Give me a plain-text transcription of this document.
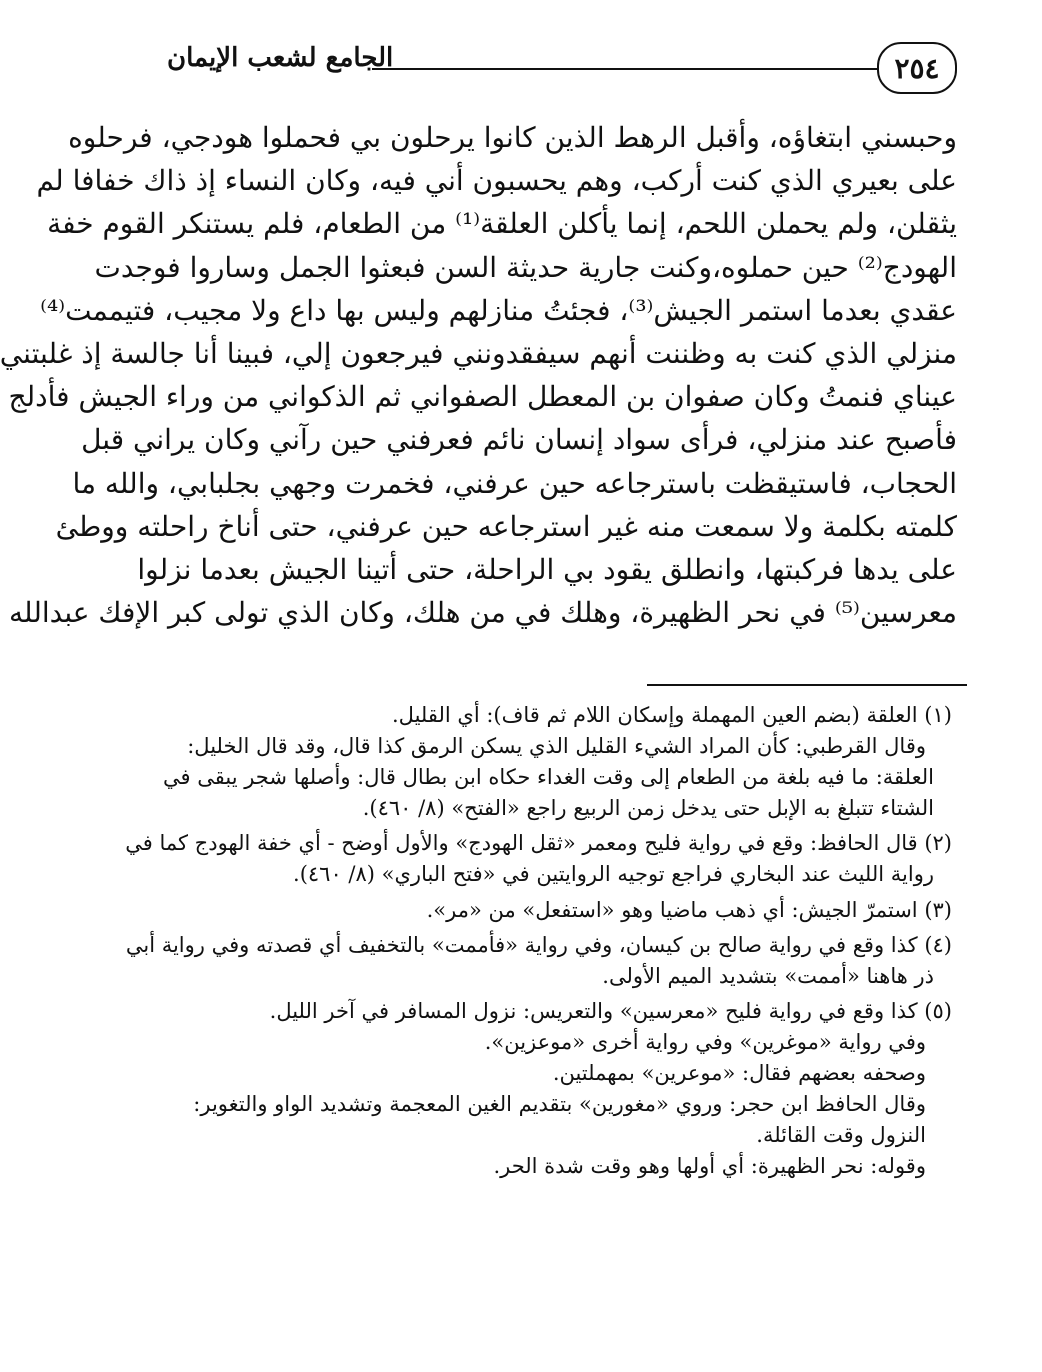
٢٥٤
الجامع لشعب الإيمان
وحبسني ابتغاؤه، وأقبل الرهط الذين كانوا يرحلون بي فحملوا هودجي، فرحلوه
على بعيري الذي كنت أركب، وهم يحسبون أني فيه، وكان النساء إذ ذاك خفافا لم
يثقلن، ولم يحملن اللحم، إنما يأكلن العلقة⁽¹⁾ من الطعام، فلم يستنكر القوم خفة
الهودج⁽²⁾ حين حملوه،وكنت جارية حديثة السن فبعثوا الجمل وساروا فوجدت
عقدي بعدما استمر الجيش⁽³⁾، فجئتُ منازلهم وليس بها داع ولا مجيب، فتيممت⁽⁴⁾
منزلي الذي كنت به وظننت أنهم سيفقدونني فيرجعون إلي، فبينا أنا جالسة إذ غلبتني
عيناي فنمتُ وكان صفوان بن المعطل الصفواني ثم الذكواني من وراء الجيش فأدلج
فأصبح عند منزلي، فرأى سواد إنسان نائم فعرفني حين رآني وكان يراني قبل
الحجاب، فاستيقظت باسترجاعه حين عرفني، فخمرت وجهي بجلبابي، والله ما
كلمته بكلمة ولا سمعت منه غير استرجاعه حين عرفني، حتى أناخ راحلته ووطئ
على يدها فركبتها، وانطلق يقود بي الراحلة، حتى أتينا الجيش بعدما نزلوا
معرسين⁽⁵⁾ في نحر الظهيرة، وهلك في من هلك، وكان الذي تولى كبر الإفك عبدالله
(١) العلقة (بضم العين المهملة وإسكان اللام ثم قاف): أي القليل.
وقال القرطبي: كأن المراد الشيء القليل الذي يسكن الرمق كذا قال، وقد قال الخليل:
العلقة: ما فيه بلغة من الطعام إلى وقت الغداء حكاه ابن بطال قال: وأصلها شجر يبقى في
الشتاء تتبلغ به الإبل حتى يدخل زمن الربيع راجع «الفتح» (٨/ ٤٦٠).
(٢) قال الحافظ: وقع في رواية فليح ومعمر «ثقل الهودج» والأول أوضح - أي خفة الهودج كما في
رواية الليث عند البخاري فراجع توجيه الروايتين في «فتح الباري» (٨/ ٤٦٠).
(٣) استمرّ الجيش: أي ذهب ماضيا وهو «استفعل» من «مر».
(٤) كذا وقع في رواية صالح بن كيسان، وفي رواية «فأممت» بالتخفيف أي قصدته وفي رواية أبي
ذر هاهنا «أممت» بتشديد الميم الأولى.
(٥) كذا وقع في رواية فليح «معرسين» والتعريس: نزول المسافر في آخر الليل.
وفي رواية «موغرين» وفي رواية أخرى «موعزين».
وصحفه بعضهم فقال: «موعرين» بمهملتين.
وقال الحافظ ابن حجر: وروي «مغورين» بتقديم الغين المعجمة وتشديد الواو والتغوير:
النزول وقت القائلة.
وقوله: نحر الظهيرة: أي أولها وهو وقت شدة الحر.
